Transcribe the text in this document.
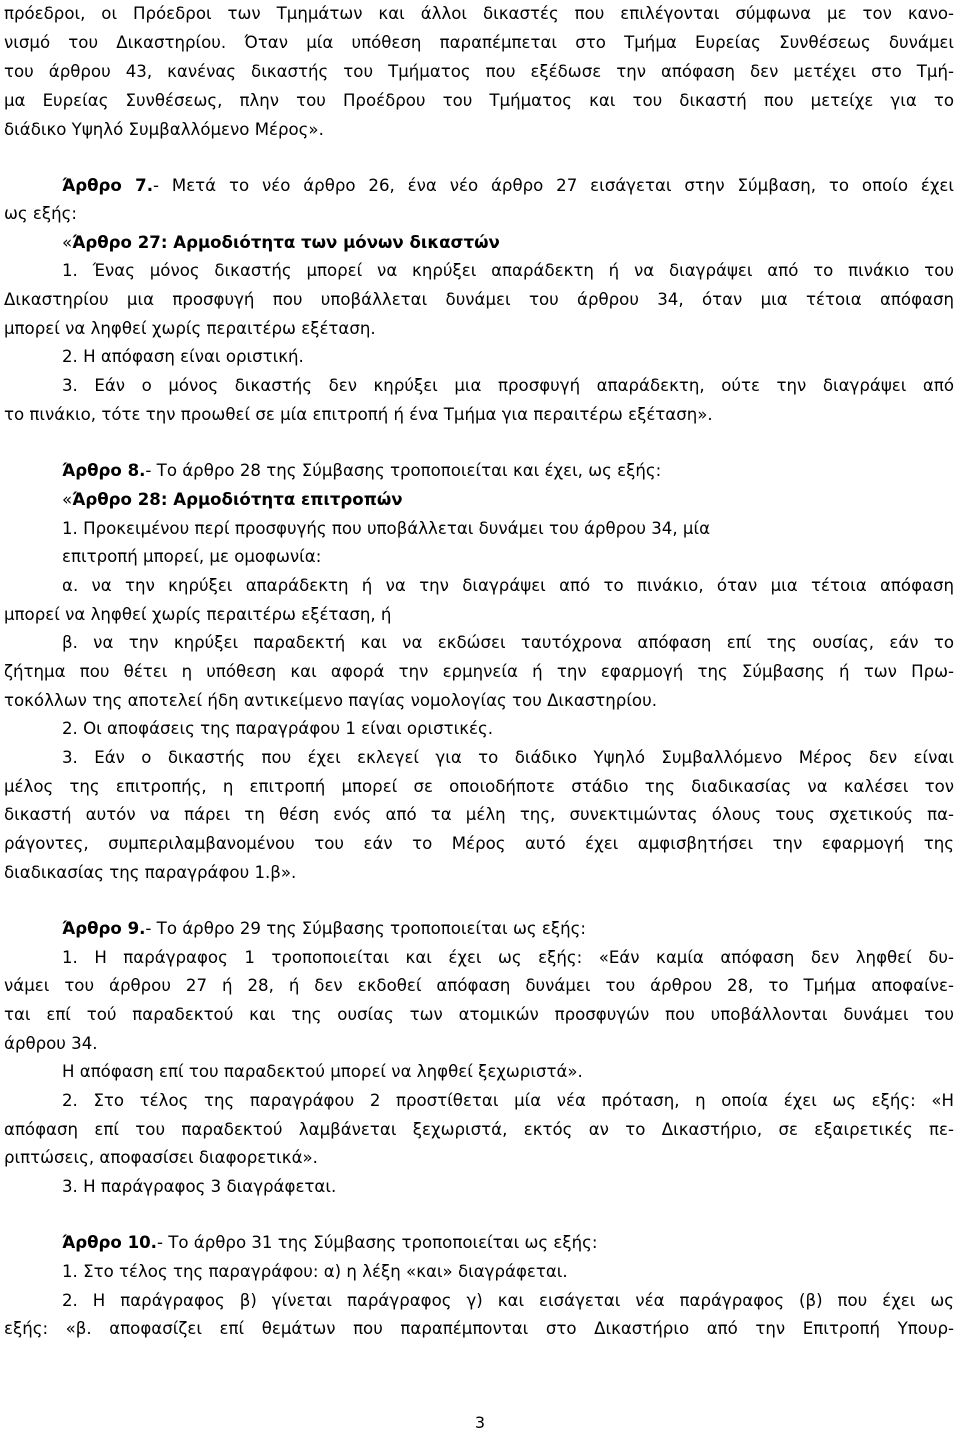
πρόεδροι, οι Πρόεδροι των Τμημάτων και άλλοι δικαστές που επιλέγονται σύμφωνα με τον κανο-
νισμό του Δικαστηρίου. Όταν μία υπόθεση παραπέμπεται στο Τμήμα Ευρείας Συνθέσεως δυνάμει
του άρθρου 43, κανένας δικαστής του Τμήματος που εξέδωσε την απόφαση δεν μετέχει στο Τμή-
μα Ευρείας Συνθέσεως, πλην του Προέδρου του Τμήματος και του δικαστή που μετείχε για το
διάδικο Υψηλό Συμβαλλόμενο Μέρος».
Άρθρο 7.- Μετά το νέο άρθρο 26, ένα νέο άρθρο 27 εισάγεται στην Σύμβαση, το οποίο έχει
ως εξής:
«Άρθρο 27: Αρμοδιότητα των μόνων δικαστών
1. Ένας μόνος δικαστής μπορεί να κηρύξει απαράδεκτη ή να διαγράψει από το πινάκιο του
Δικαστηρίου μια προσφυγή που υποβάλλεται δυνάμει του άρθρου 34, όταν μια τέτοια απόφαση
μπορεί να ληφθεί χωρίς περαιτέρω εξέταση.
2. Η απόφαση είναι οριστική.
3. Εάν ο μόνος δικαστής δεν κηρύξει μια προσφυγή απαράδεκτη, ούτε την διαγράψει από
το πινάκιο, τότε την προωθεί σε μία επιτροπή ή ένα Τμήμα για περαιτέρω εξέταση».
Άρθρο 8.- Το άρθρο 28 της Σύμβασης τροποποιείται και έχει, ως εξής:
«Άρθρο 28: Αρμοδιότητα επιτροπών
1. Προκειμένου περί προσφυγής που υποβάλλεται δυνάμει του άρθρου 34, μία
επιτροπή μπορεί, με ομοφωνία:
α. να την κηρύξει απαράδεκτη ή να την διαγράψει από το πινάκιο, όταν μια τέτοια απόφαση
μπορεί να ληφθεί χωρίς περαιτέρω εξέταση, ή
β. να την κηρύξει παραδεκτή και να εκδώσει ταυτόχρονα απόφαση επί της ουσίας, εάν το
ζήτημα που θέτει η υπόθεση και αφορά την ερμηνεία ή την εφαρμογή της Σύμβασης ή των Πρω-
τοκόλλων της αποτελεί ήδη αντικείμενο παγίας νομολογίας του Δικαστηρίου.
2. Οι αποφάσεις της παραγράφου 1 είναι οριστικές.
3. Εάν ο δικαστής που έχει εκλεγεί για το διάδικο Υψηλό Συμβαλλόμενο Μέρος δεν είναι
μέλος της επιτροπής, η επιτροπή μπορεί σε οποιοδήποτε στάδιο της διαδικασίας να καλέσει τον
δικαστή αυτόν να πάρει τη θέση ενός από τα μέλη της, συνεκτιμώντας όλους τους σχετικούς πα-
ράγοντες, συμπεριλαμβανομένου του εάν το Μέρος αυτό έχει αμφισβητήσει την εφαρμογή της
διαδικασίας της παραγράφου 1.β».
Άρθρο 9.- Το άρθρο 29 της Σύμβασης τροποποιείται ως εξής:
1. Η παράγραφος 1 τροποποιείται και έχει ως εξής: «Εάν καμία απόφαση δεν ληφθεί δυ-
νάμει του άρθρου 27 ή 28, ή δεν εκδοθεί απόφαση δυνάμει του άρθρου 28, το Τμήμα αποφαίνε-
ται επί τού παραδεκτού και της ουσίας των ατομικών προσφυγών που υποβάλλονται δυνάμει του
άρθρου 34.
Η απόφαση επί του παραδεκτού μπορεί να ληφθεί ξεχωριστά».
2. Στο τέλος της παραγράφου 2 προστίθεται μία νέα πρόταση, η οποία έχει ως εξής: «Η
απόφαση επί του παραδεκτού λαμβάνεται ξεχωριστά, εκτός αν το Δικαστήριο, σε εξαιρετικές πε-
ριπτώσεις, αποφασίσει διαφορετικά».
3. Η παράγραφος 3 διαγράφεται.
Άρθρο 10.- Το άρθρο 31 της Σύμβασης τροποποιείται ως εξής:
1. Στο τέλος της παραγράφου: α) η λέξη «και» διαγράφεται.
2. Η παράγραφος β) γίνεται παράγραφος γ) και εισάγεται νέα παράγραφος (β) που έχει ως
εξής: «β. αποφασίζει επί θεμάτων που παραπέμπονται στο Δικαστήριο από την Επιτροπή Υπουρ-
3
